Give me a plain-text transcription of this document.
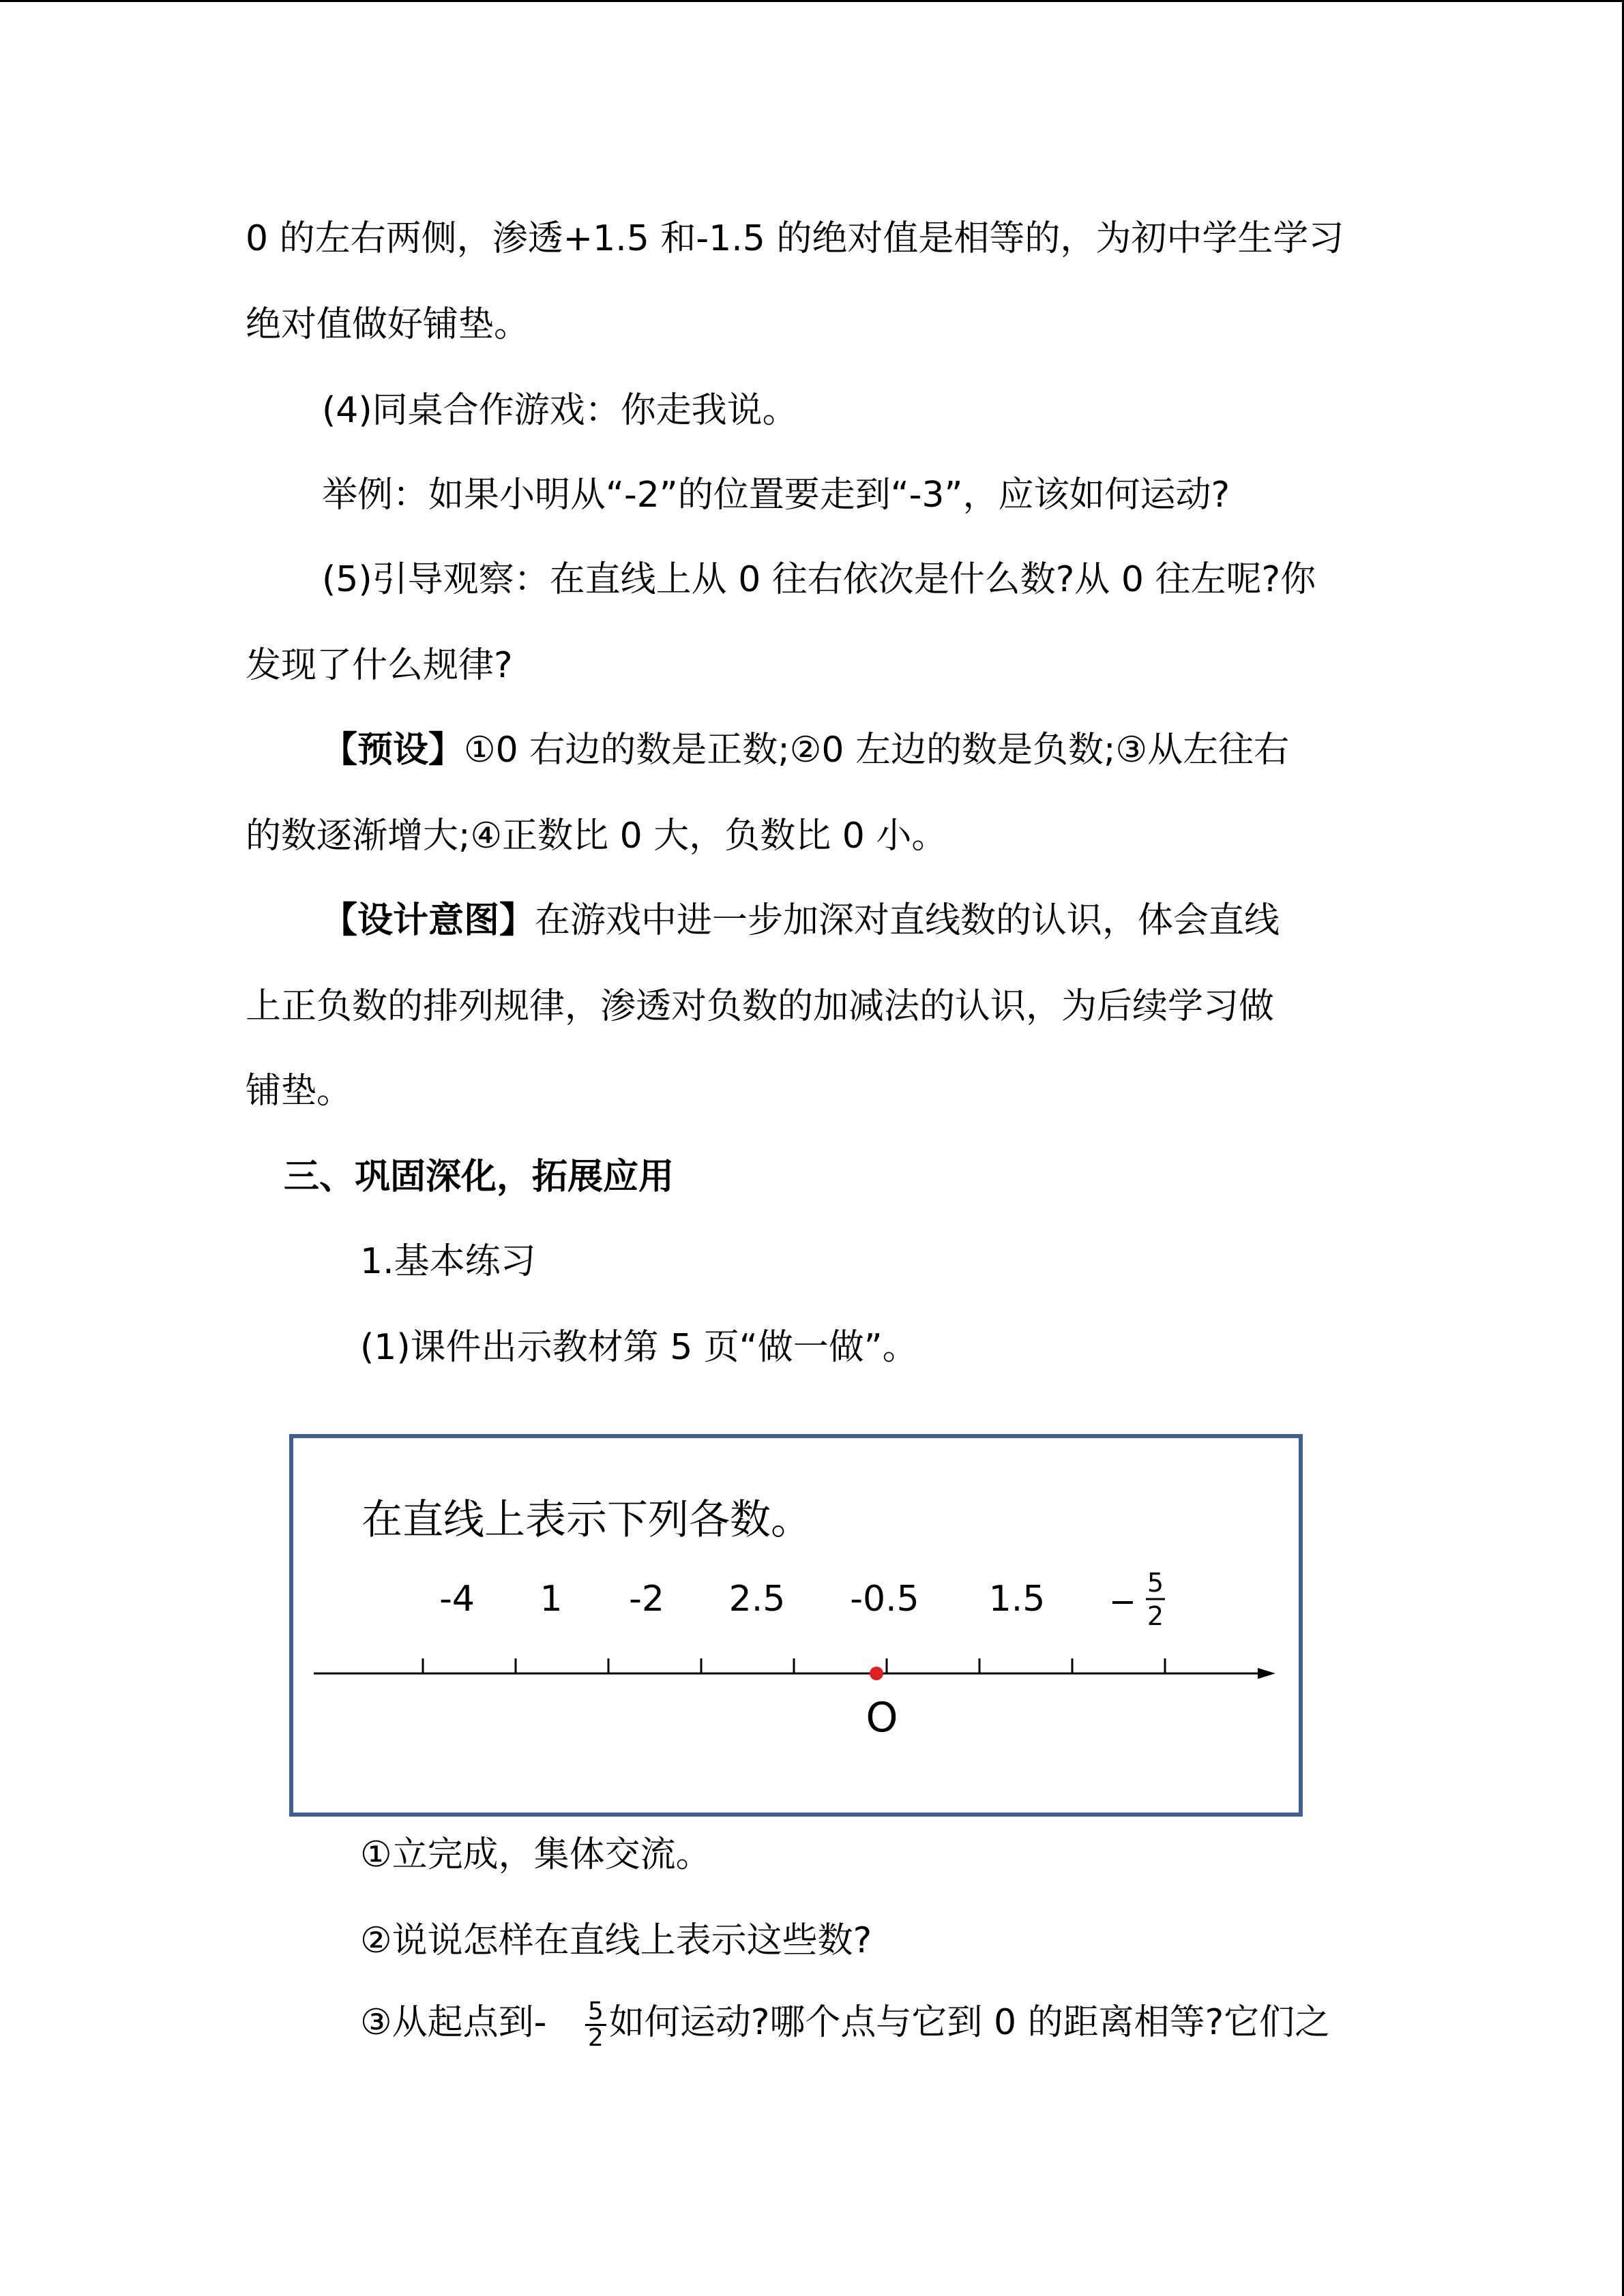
0 的左右两侧，渗透+1.5 和-1.5 的绝对值是相等的，为初中学生学习
绝对值做好铺垫。
(4)同桌合作游戏：你走我说。
举例：如果小明从“-2”的位置要走到“-3”，应该如何运动?
(5)引导观察：在直线上从 0 往右依次是什么数?从 0 往左呢?你
发现了什么规律?
【预设】①0 右边的数是正数;②0 左边的数是负数;③从左往右
的数逐渐增大;④正数比 0 大，负数比 0 小。
【设计意图】在游戏中进一步加深对直线数的认识，体会直线
上正负数的排列规律，渗透对负数的加减法的认识，为后续学习做
铺垫。
三、巩固深化，拓展应用
1.基本练习
(1)课件出示教材第 5 页“做一做”。
在直线上表示下列各数。
O
-4 1 -2 2.5 -0.5 1.5 − 5
2
①立完成，集体交流。
②说说怎样在直线上表示这些数?
③从起点到- $\frac{5}{2}$ 如何运动?哪个点与它到 0 的距离相等?它们之
